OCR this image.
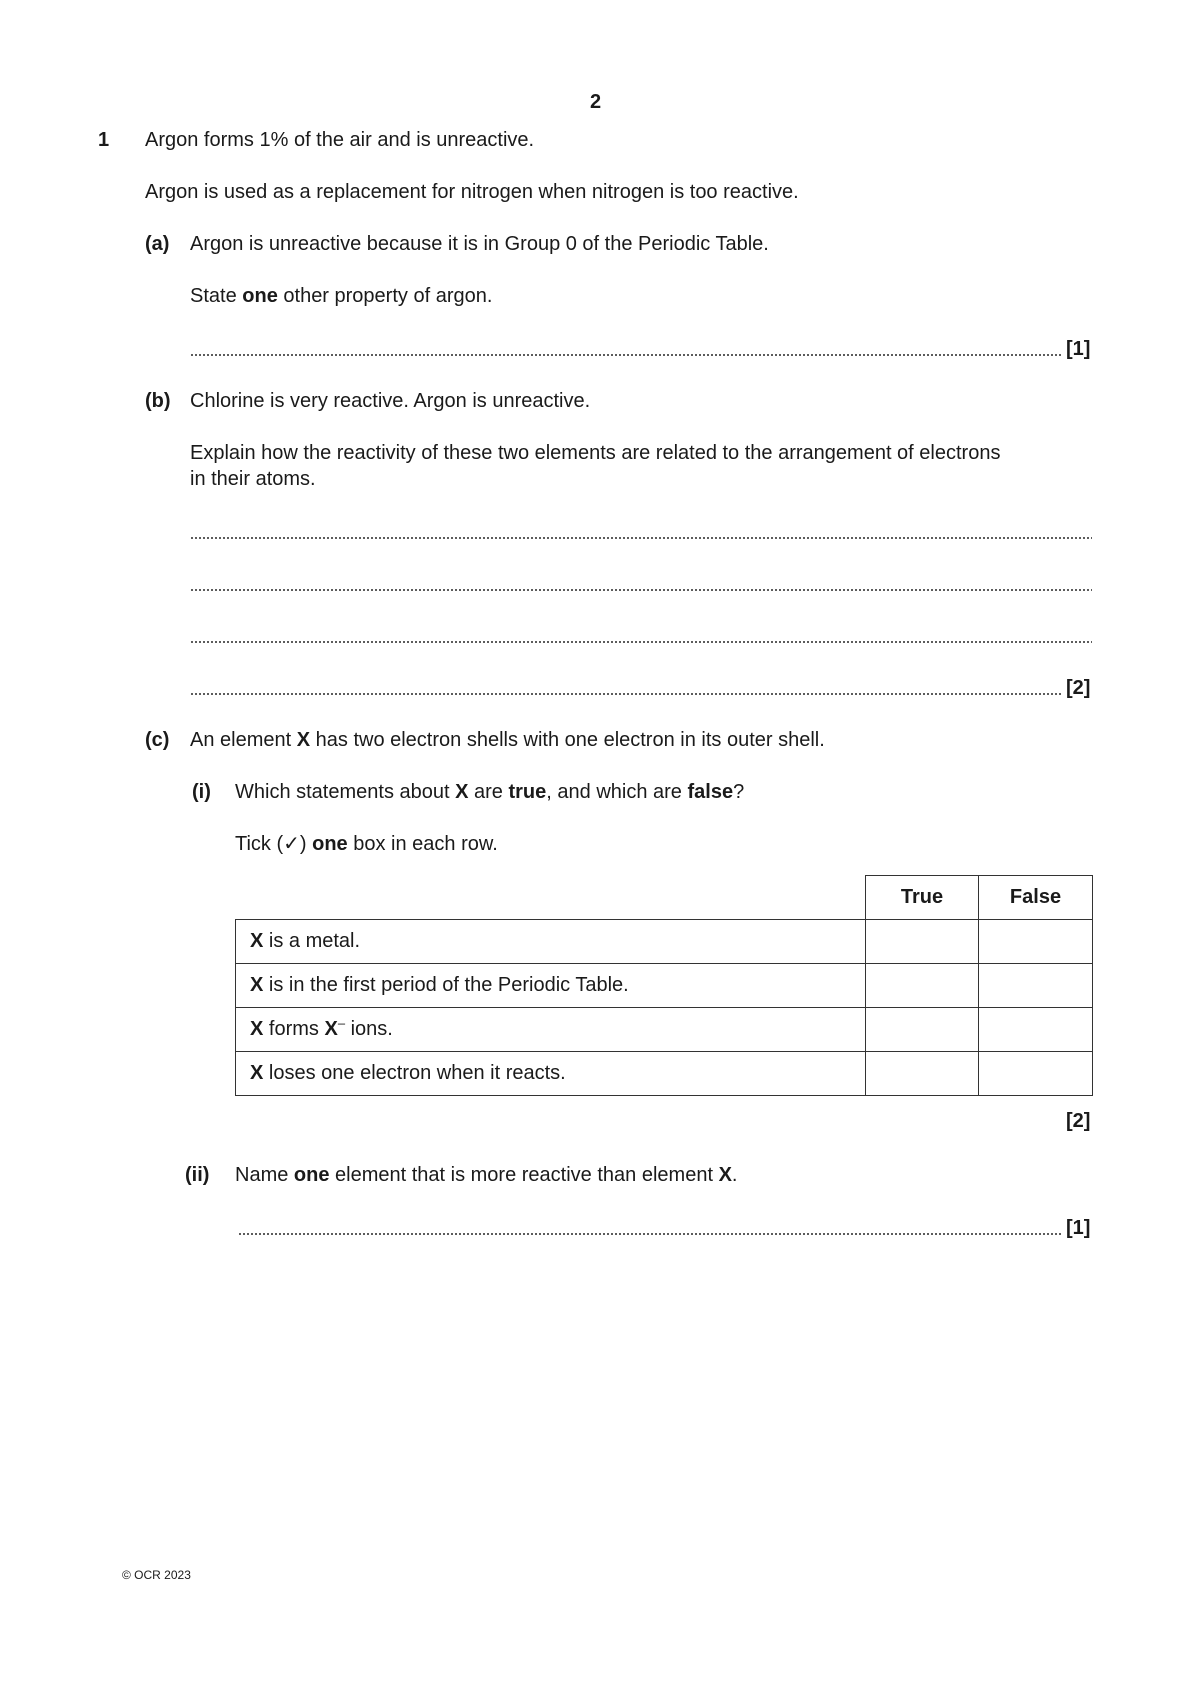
2
1 Argon forms 1% of the air and is unreactive.
Argon is used as a replacement for nitrogen when nitrogen is too reactive.
(a) Argon is unreactive because it is in Group 0 of the Periodic Table.
State one other property of argon.
[1]
(b) Chlorine is very reactive. Argon is unreactive.
Explain how the reactivity of these two elements are related to the arrangement of electrons
in their atoms.
[2]
(c) An element X has two electron shells with one electron in its outer shell.
(i) Which statements about X are true, and which are false?
Tick (✓) one box in each row.
	True	False
X is a metal.		
X is in the first period of the Periodic Table.		
X forms X– ions.		
X loses one electron when it reacts.		
[2]
(ii) Name one element that is more reactive than element X.
[1]
© OCR 2023
